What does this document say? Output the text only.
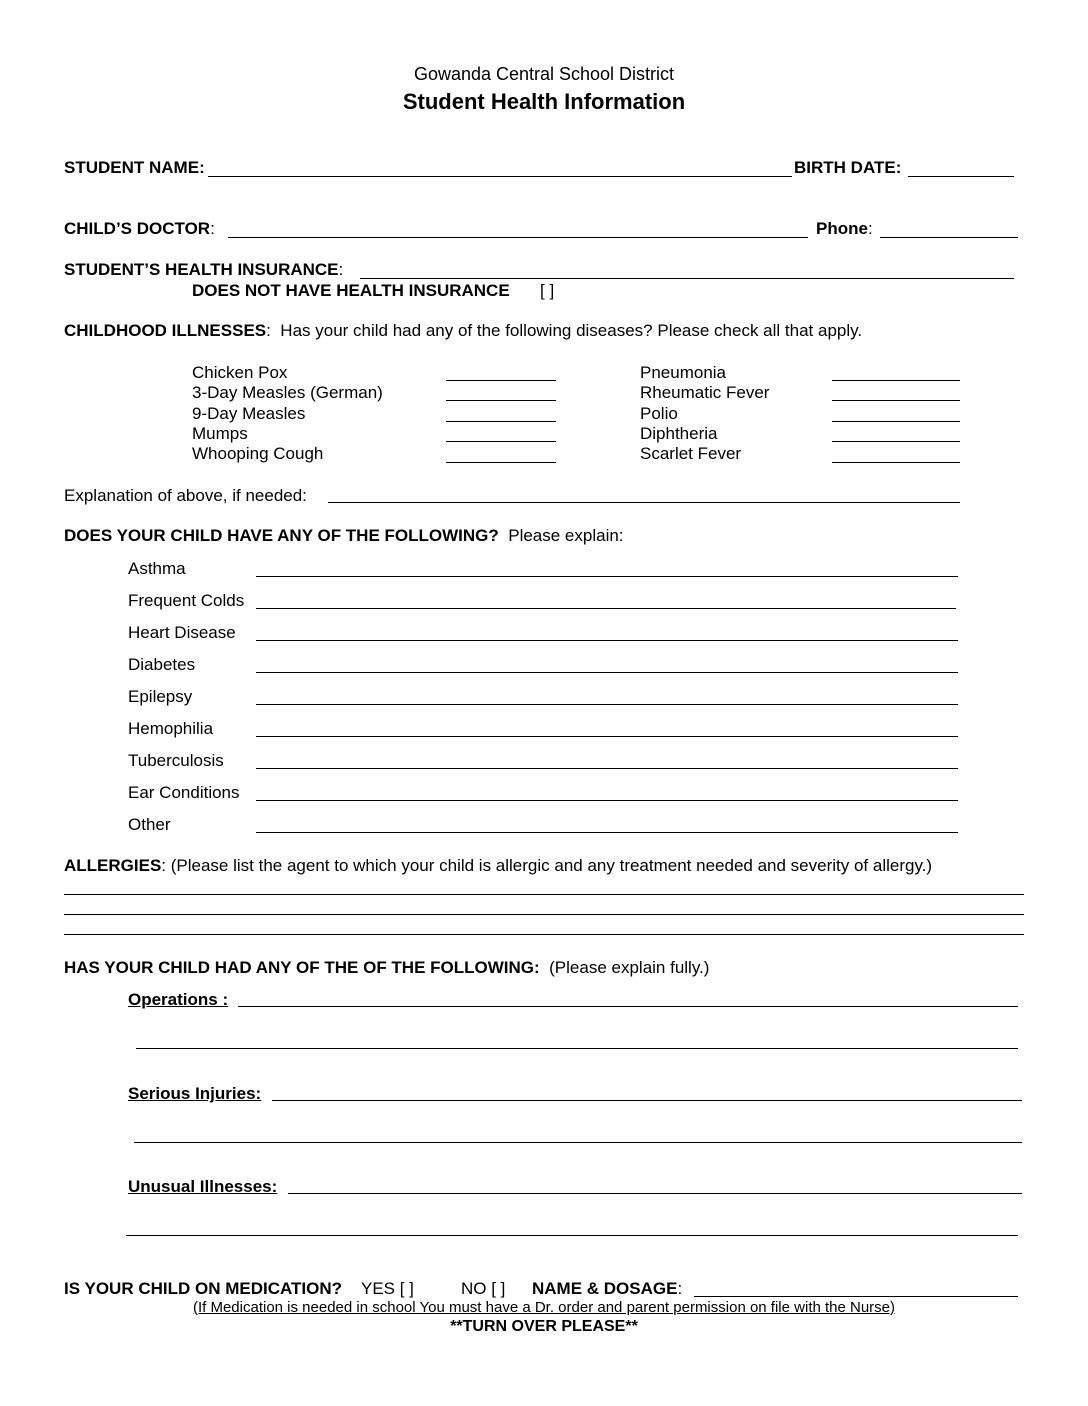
Gowanda Central School District
Student Health Information
STUDENT NAME:	BIRTH DATE:
CHILD’S DOCTOR:	Phone:
STUDENT’S HEALTH INSURANCE:
DOES NOT HAVE HEALTH INSURANCE [ ]
CHILDHOOD ILLNESSES:  Has your child had any of the following diseases? Please check all that apply.
Chicken Pox
3-Day Measles (German)
9-Day Measles
Mumps
Whooping Cough
Pneumonia
Rheumatic Fever
Polio
Diphtheria
Scarlet Fever
Explanation of above, if needed:
DOES YOUR CHILD HAVE ANY OF THE FOLLOWING? Please explain:
Asthma
Frequent Colds
Heart Disease
Diabetes
Epilepsy
Hemophilia
Tuberculosis
Ear Conditions
Other
ALLERGIES: (Please list the agent to which your child is allergic and any treatment needed and severity of allergy.)
HAS YOUR CHILD HAD ANY OF THE OF THE FOLLOWING: (Please explain fully.)
Operations :
Serious Injuries:
Unusual Illnesses:
IS YOUR CHILD ON MEDICATION? YES [ ]	NO [ ] NAME & DOSAGE:
(If Medication is needed in school You must have a Dr. order and parent permission on file with the Nurse)
**TURN OVER PLEASE**
